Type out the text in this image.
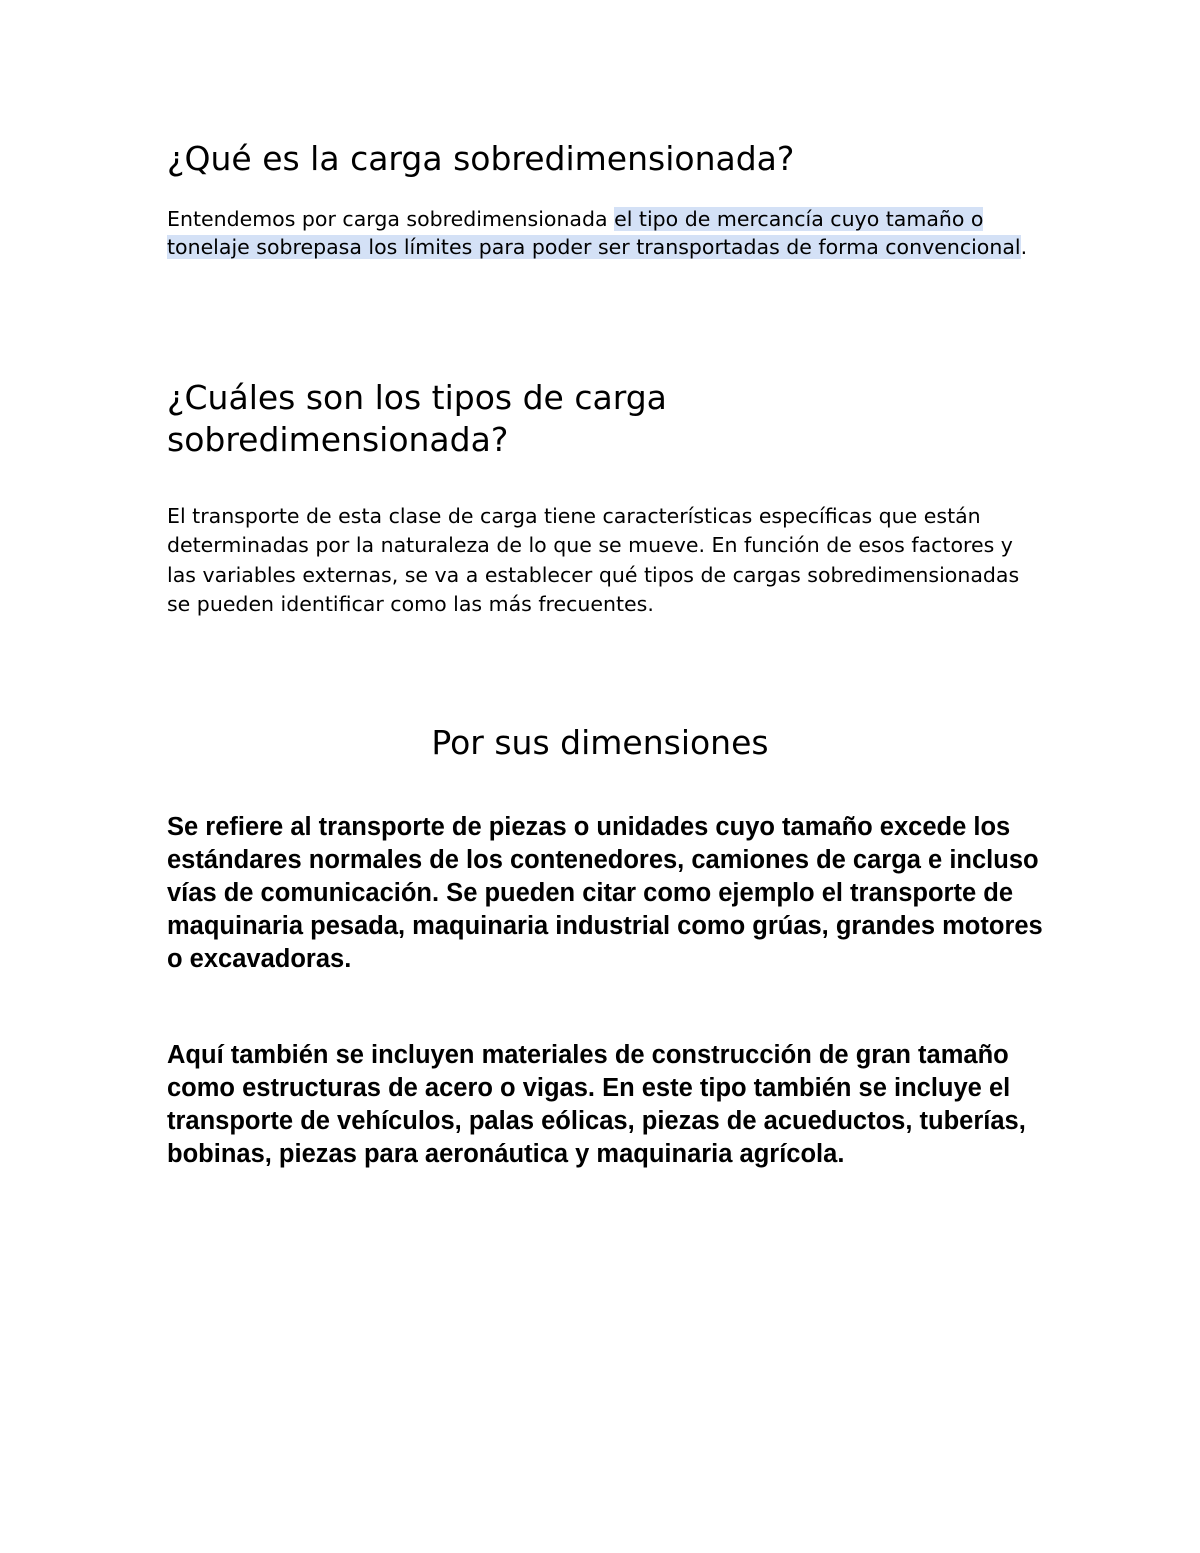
¿Qué es la carga sobredimensionada?

Entendemos por carga sobredimensionada el tipo de mercancía cuyo tamaño o tonelaje sobrepasa los límites para poder ser transportadas de forma convencional.

¿Cuáles son los tipos de carga sobredimensionada?

El transporte de esta clase de carga tiene características específicas que están determinadas por la naturaleza de lo que se mueve. En función de esos factores y las variables externas, se va a establecer qué tipos de cargas sobredimensionadas se pueden identificar como las más frecuentes.

Por sus dimensiones

Se refiere al transporte de piezas o unidades cuyo tamaño excede los estándares normales de los contenedores, camiones de carga e incluso vías de comunicación. Se pueden citar como ejemplo el transporte de maquinaria pesada, maquinaria industrial como grúas, grandes motores o excavadoras.

Aquí también se incluyen materiales de construcción de gran tamaño como estructuras de acero o vigas. En este tipo también se incluye el transporte de vehículos, palas eólicas, piezas de acueductos, tuberías, bobinas, piezas para aeronáutica y maquinaria agrícola.
